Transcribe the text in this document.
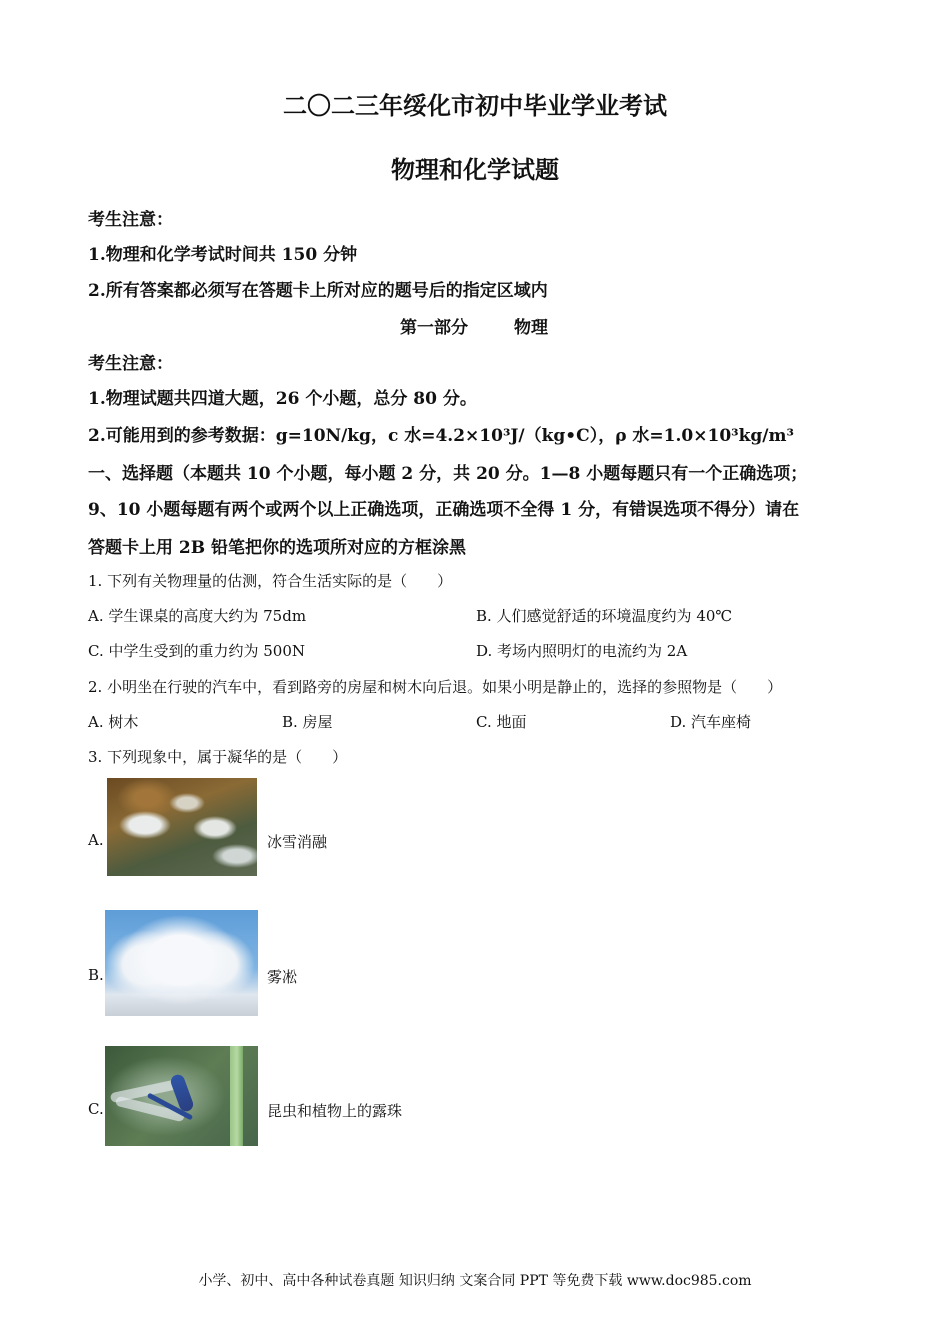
二〇二三年绥化市初中毕业学业考试
物理和化学试题
考生注意：
1.物理和化学考试时间共 150 分钟
2.所有答案都必须写在答题卡上所对应的题号后的指定区域内
第一部分	物理
考生注意：
1.物理试题共四道大题，26 个小题，总分 80 分。
2.可能用到的参考数据：g=10N/kg，c 水=4.2×10³J/（kg•C），ρ 水=1.0×10³kg/m³
一、选择题（本题共 10 个小题，每小题 2 分，共 20 分。1—8 小题每题只有一个正确选项；
9、10 小题每题有两个或两个以上正确选项，正确选项不全得 1 分，有错误选项不得分）请在
答题卡上用 2B 铅笔把你的选项所对应的方框涂黑
1. 下列有关物理量的估测，符合生活实际的是（　　）
A. 学生课桌的高度大约为 75dm	B. 人们感觉舒适的环境温度约为 40℃
C. 中学生受到的重力约为 500N	D. 考场内照明灯的电流约为 2A
2. 小明坐在行驶的汽车中，看到路旁的房屋和树木向后退。如果小明是静止的，选择的参照物是（　　）
A. 树木	B. 房屋	C. 地面	D. 汽车座椅
3. 下列现象中，属于凝华的是（　　）
A.	冰雪消融
B.	雾凇
C.	昆虫和植物上的露珠
小学、初中、高中各种试卷真题 知识归纳 文案合同 PPT 等免费下载 www.doc985.com
